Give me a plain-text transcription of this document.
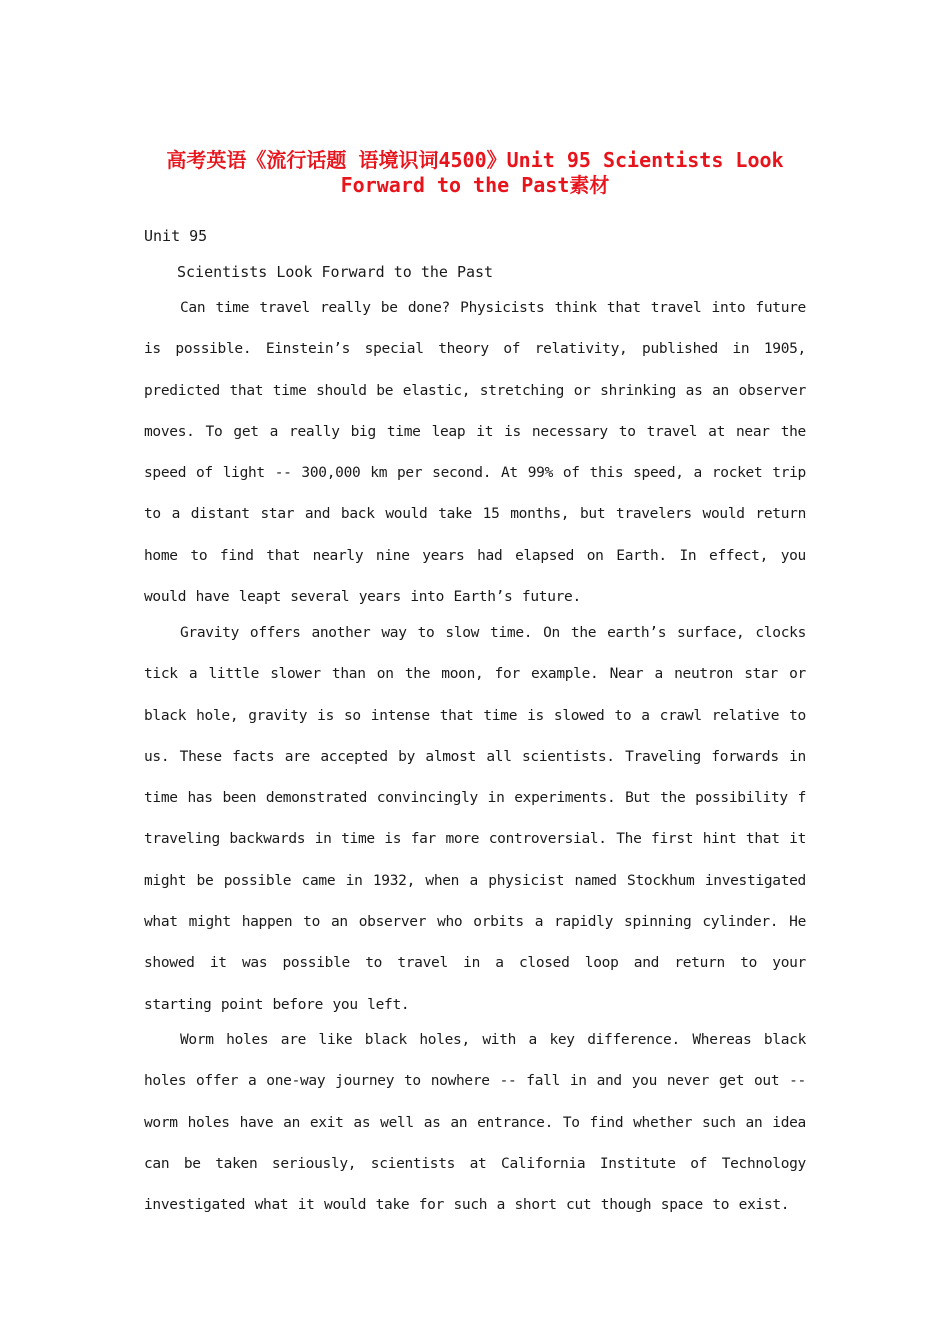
高考英语《流行话题 语境识词4500》Unit 95 Scientists Look
Forward to the Past素材

Unit 95

Scientists Look Forward to the Past

Can time travel really be done? Physicists think that travel into future is possible. Einstein’s special theory of relativity, published in 1905, predicted that time should be elastic, stretching or shrinking as an observer moves. To get a really big time leap it is necessary to travel at near the speed of light -- 300,000 km per second. At 99% of this speed, a rocket trip to a distant star and back would take 15 months, but travelers would return home to find that nearly nine years had elapsed on Earth. In effect, you would have leapt several years into Earth’s future.

Gravity offers another way to slow time. On the earth’s surface, clocks tick a little slower than on the moon, for example. Near a neutron star or black hole, gravity is so intense that time is slowed to a crawl relative to us. These facts are accepted by almost all scientists. Traveling forwards in time has been demonstrated convincingly in experiments. But the possibility f traveling backwards in time is far more controversial. The first hint that it might be possible came in 1932, when a physicist named Stockhum investigated what might happen to an observer who orbits a rapidly spinning cylinder. He showed it was possible to travel in a closed loop and return to your starting point before you left.

Worm holes are like black holes, with a key difference. Whereas black holes offer a one-way journey to nowhere -- fall in and you never get out -- worm holes have an exit as well as an entrance. To find whether such an idea can be taken seriously, scientists at California Institute of Technology investigated what it would take for such a short cut though space to exist.
